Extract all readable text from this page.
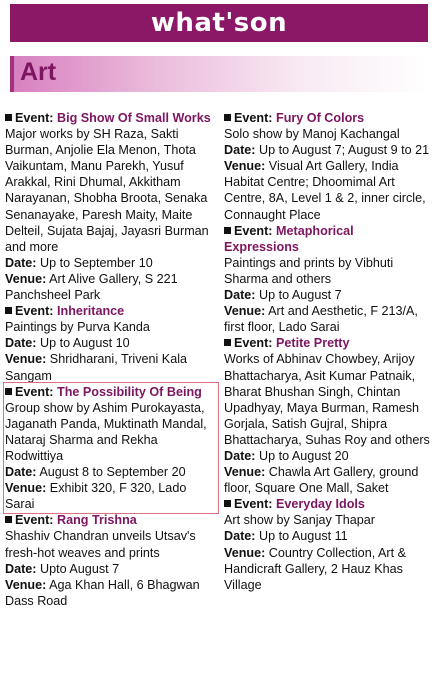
what'son
Art
Event: Big Show Of Small Works
Major works by SH Raza, Sakti Burman, Anjolie Ela Menon, Thota Vaikuntam, Manu Parekh, Yusuf Arakkal, Rini Dhumal, Akkitham Narayanan, Shobha Broota, Senaka Senanayake, Paresh Maity, Maite Delteil, Sujata Bajaj, Jayasri Burman and more
Date: Up to September 10
Venue: Art Alive Gallery, S 221 Panchsheel Park
Event: Inheritance
Paintings by Purva Kanda
Date: Up to August 10
Venue: Shridharani, Triveni Kala Sangam
Event: The Possibility Of Being
Group show by Ashim Purokayasta, Jaganath Panda, Muktinath Mandal, Nataraj Sharma and Rekha Rodwittiya
Date: August 8 to September 20
Venue: Exhibit 320, F 320, Lado Sarai
Event: Rang Trishna
Shashiv Chandran unveils Utsav's fresh-hot weaves and prints
Date: Upto August 7
Venue: Aga Khan Hall, 6 Bhagwan Dass Road
Event: Fury Of Colors
Solo show by Manoj Kachangal
Date: Up to August 7; August 9 to 21
Venue: Visual Art Gallery, India Habitat Centre; Dhoomimal Art Centre, 8A, Level 1 & 2, inner circle, Connaught Place
Event: Metaphorical Expressions
Paintings and prints by Vibhuti Sharma and others
Date: Up to August 7
Venue: Art and Aesthetic, F 213/A, first floor, Lado Sarai
Event: Petite Pretty
Works of Abhinav Chowbey, Arijoy Bhattacharya, Asit Kumar Patnaik, Bharat Bhushan Singh, Chintan Upadhyay, Maya Burman, Ramesh Gorjala, Satish Gujral, Shipra Bhattacharya, Suhas Roy and others
Date: Up to August 20
Venue: Chawla Art Gallery, ground floor, Square One Mall, Saket
Event: Everyday Idols
Art show by Sanjay Thapar
Date: Up to August 11
Venue: Country Collection, Art & Handicraft Gallery, 2 Hauz Khas Village
